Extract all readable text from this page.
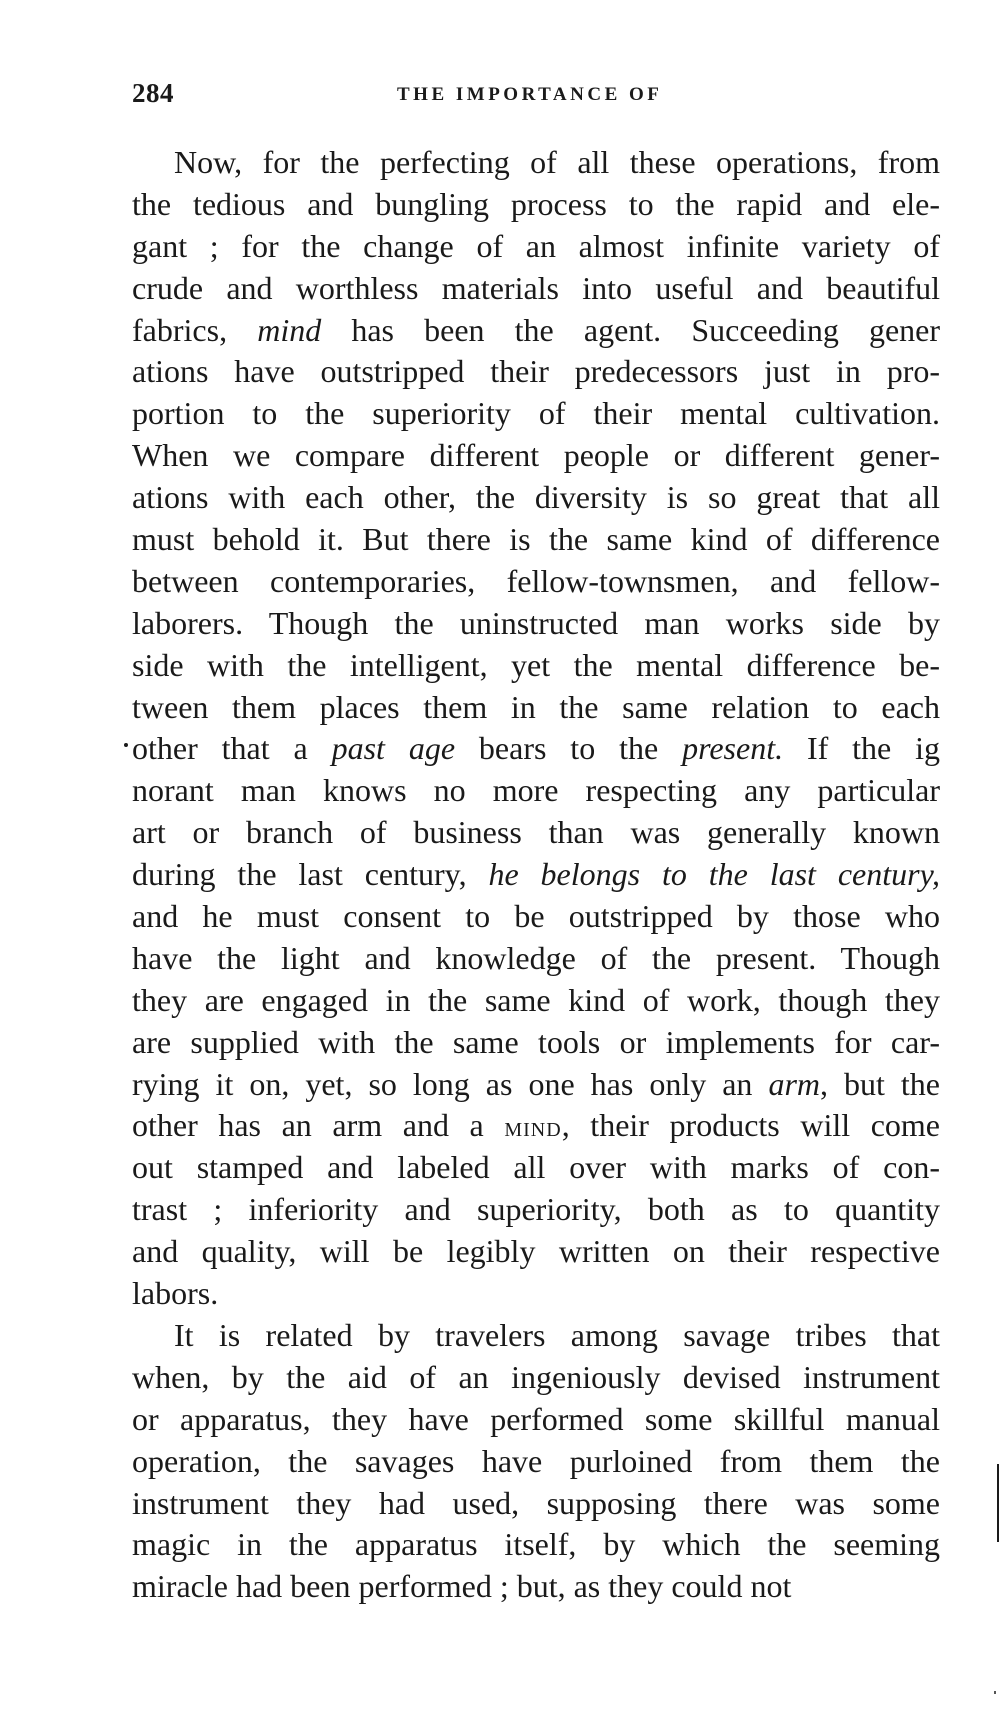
284	THE IMPORTANCE OF
Now, for the perfecting of all these operations, from
the tedious and bungling process to the rapid and ele-
gant ; for the change of an almost infinite variety of
crude and worthless materials into useful and beautiful
fabrics, mind has been the agent. Succeeding gener
ations have outstripped their predecessors just in pro-
portion to the superiority of their mental cultivation.
When we compare different people or different gener-
ations with each other, the diversity is so great that all
must behold it. But there is the same kind of difference
between contemporaries, fellow-townsmen, and fellow-
laborers. Though the uninstructed man works side by
side with the intelligent, yet the mental difference be-
tween them places them in the same relation to each
other that a past age bears to the present. If the ig
norant man knows no more respecting any particular
art or branch of business than was generally known
during the last century, he belongs to the last century,
and he must consent to be outstripped by those who
have the light and knowledge of the present. Though
they are engaged in the same kind of work, though they
are supplied with the same tools or implements for car-
rying it on, yet, so long as one has only an arm, but the
other has an arm and a mind, their products will come
out stamped and labeled all over with marks of con-
trast ; inferiority and superiority, both as to quantity
and quality, will be legibly written on their respective
labors.
It is related by travelers among savage tribes that
when, by the aid of an ingeniously devised instrument
or apparatus, they have performed some skillful manual
operation, the savages have purloined from them the
instrument they had used, supposing there was some
magic in the apparatus itself, by which the seeming
miracle had been performed ; but, as they could not
